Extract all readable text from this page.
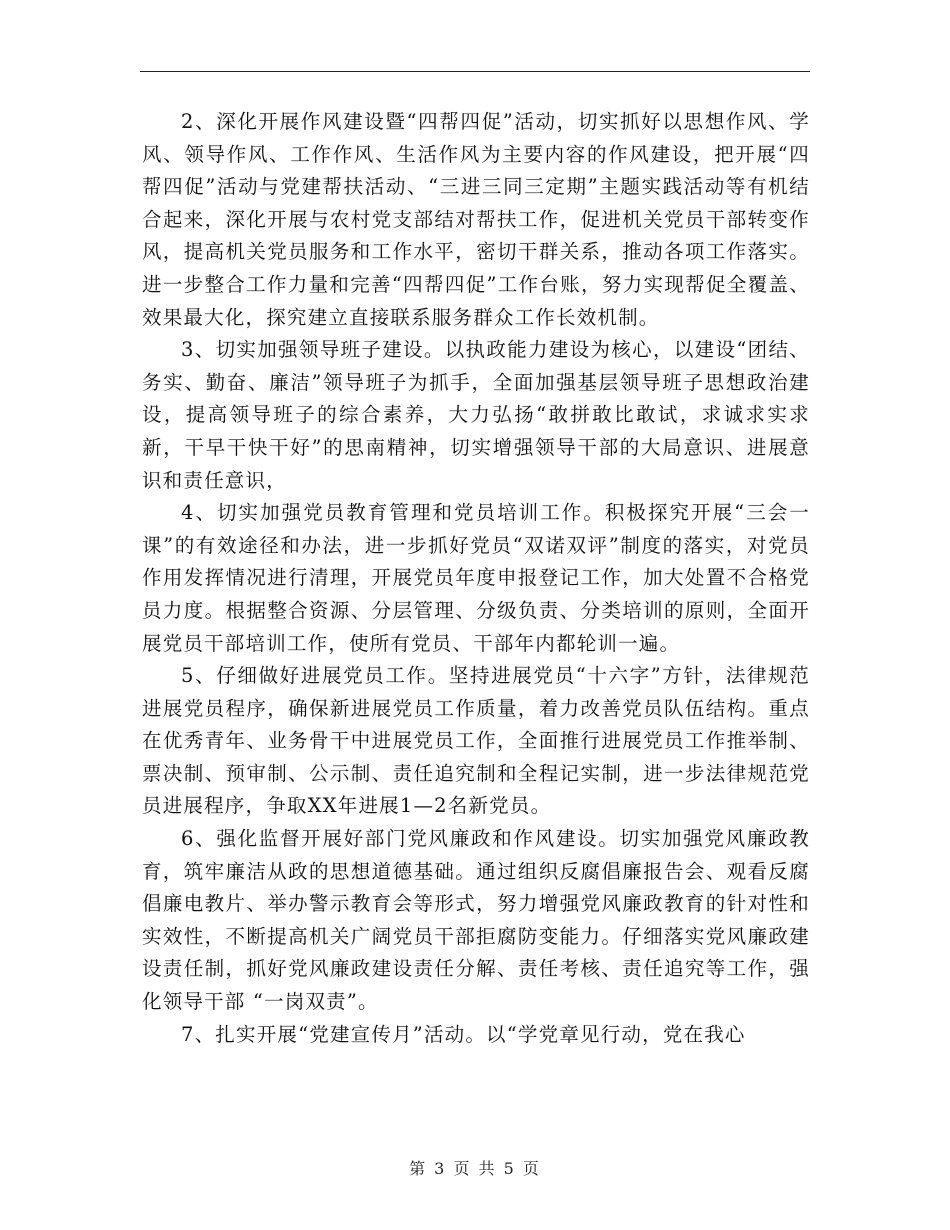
2、深化开展作风建设暨“四帮四促”活动，切实抓好以思想作风、学风、领导作风、工作作风、生活作风为主要内容的作风建设，把开展“四帮四促”活动与党建帮扶活动、“三进三同三定期”主题实践活动等有机结合起来，深化开展与农村党支部结对帮扶工作，促进机关党员干部转变作风，提高机关党员服务和工作水平，密切干群关系，推动各项工作落实。进一步整合工作力量和完善“四帮四促”工作台账，努力实现帮促全覆盖、效果最大化，探究建立直接联系服务群众工作长效机制。

3、切实加强领导班子建设。以执政能力建设为核心，以建设“团结、务实、勤奋、廉洁”领导班子为抓手，全面加强基层领导班子思想政治建设，提高领导班子的综合素养，大力弘扬“敢拼敢比敢试，求诚求实求新，干早干快干好”的思南精神，切实增强领导干部的大局意识、进展意识和责任意识，

4、切实加强党员教育管理和党员培训工作。积极探究开展“三会一课”的有效途径和办法，进一步抓好党员“双诺双评”制度的落实，对党员作用发挥情况进行清理，开展党员年度申报登记工作，加大处置不合格党员力度。根据整合资源、分层管理、分级负责、分类培训的原则，全面开展党员干部培训工作，使所有党员、干部年内都轮训一遍。

5、仔细做好进展党员工作。坚持进展党员“十六字”方针，法律规范进展党员程序，确保新进展党员工作质量，着力改善党员队伍结构。重点在优秀青年、业务骨干中进展党员工作，全面推行进展党员工作推举制、票决制、预审制、公示制、责任追究制和全程记实制，进一步法律规范党员进展程序，争取XX年进展1—2名新党员。

6、强化监督开展好部门党风廉政和作风建设。切实加强党风廉政教育，筑牢廉洁从政的思想道德基础。通过组织反腐倡廉报告会、观看反腐倡廉电教片、举办警示教育会等形式，努力增强党风廉政教育的针对性和实效性，不断提高机关广阔党员干部拒腐防变能力。仔细落实党风廉政建设责任制，抓好党风廉政建设责任分解、责任考核、责任追究等工作，强化领导干部 “一岗双责”。

7、扎实开展“党建宣传月”活动。以“学党章见行动，党在我心

第 3 页 共 5 页
